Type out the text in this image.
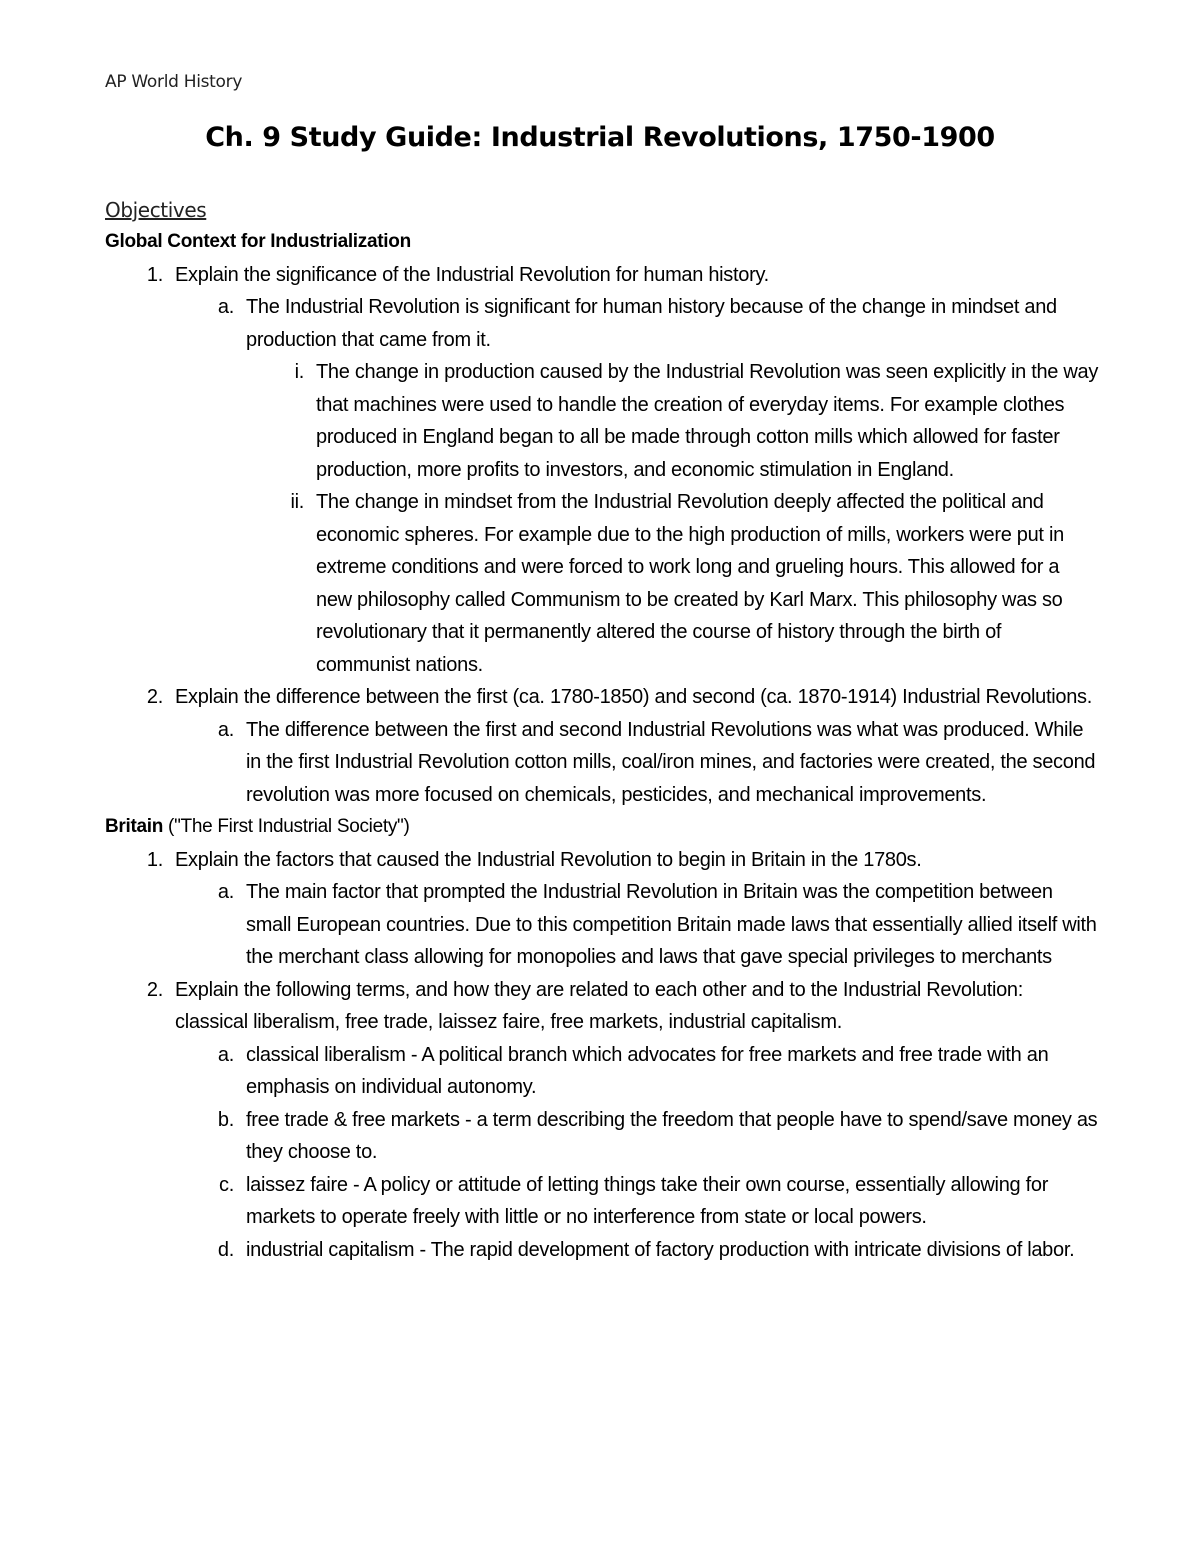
AP World History
Ch. 9 Study Guide: Industrial Revolutions, 1750-1900
Objectives
Global Context for Industrialization
1. Explain the significance of the Industrial Revolution for human history.
a. The Industrial Revolution is significant for human history because of the change in mindset and production that came from it.
i. The change in production caused by the Industrial Revolution was seen explicitly in the way that machines were used to handle the creation of everyday items. For example clothes produced in England began to all be made through cotton mills which allowed for faster production, more profits to investors, and economic stimulation in England.
ii. The change in mindset from the Industrial Revolution deeply affected the political and economic spheres. For example due to the high production of mills, workers were put in extreme conditions and were forced to work long and grueling hours. This allowed for a new philosophy called Communism to be created by Karl Marx. This philosophy was so revolutionary that it permanently altered the course of history through the birth of communist nations.
2. Explain the difference between the first (ca. 1780-1850) and second (ca. 1870-1914) Industrial Revolutions.
a. The difference between the first and second Industrial Revolutions was what was produced. While in the first Industrial Revolution cotton mills, coal/iron mines, and factories were created, the second revolution was more focused on chemicals, pesticides, and mechanical improvements.
Britain ("The First Industrial Society")
1. Explain the factors that caused the Industrial Revolution to begin in Britain in the 1780s.
a. The main factor that prompted the Industrial Revolution in Britain was the competition between small European countries. Due to this competition Britain made laws that essentially allied itself with the merchant class allowing for monopolies and laws that gave special privileges to merchants
2. Explain the following terms, and how they are related to each other and to the Industrial Revolution: classical liberalism, free trade, laissez faire, free markets, industrial capitalism.
a. classical liberalism - A political branch which advocates for free markets and free trade with an emphasis on individual autonomy.
b. free trade & free markets - a term describing the freedom that people have to spend/save money as they choose to.
c. laissez faire - A policy or attitude of letting things take their own course, essentially allowing for markets to operate freely with little or no interference from state or local powers.
d. industrial capitalism - The rapid development of factory production with intricate divisions of labor.
